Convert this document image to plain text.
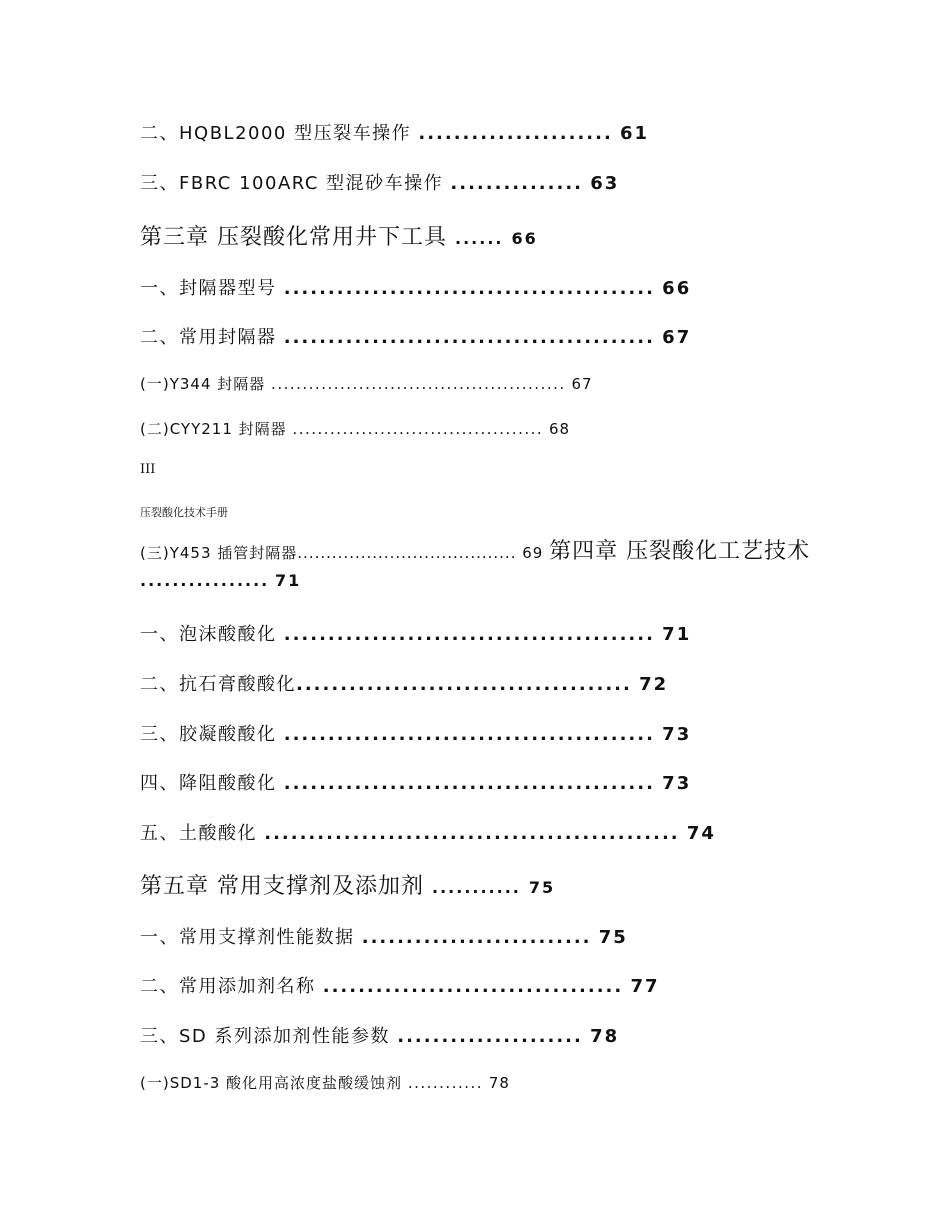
二、HQBL2000 型压裂车操作 ...................... 61
三、FBRC 100ARC 型混砂车操作 ............... 63
第三章 压裂酸化常用井下工具 ...... 66
一、封隔器型号 .......................................... 66
二、常用封隔器 .......................................... 67
(一)Y344 封隔器 ............................................... 67
(二)CYY211 封隔器 ........................................ 68
III
压裂酸化技术手册
(三)Y453 插管封隔器...................................... 69 第四章 压裂酸化工艺技术 ................ 71
一、泡沫酸酸化 .......................................... 71
二、抗石膏酸酸化...................................... 72
三、胶凝酸酸化 .......................................... 73
四、降阻酸酸化 .......................................... 73
五、土酸酸化 ............................................... 74
第五章 常用支撑剂及添加剂 ........... 75
一、常用支撑剂性能数据 .......................... 75
二、常用添加剂名称 .................................. 77
三、SD 系列添加剂性能参数 ..................... 78
(一)SD1-3 酸化用高浓度盐酸缓蚀剂 ............ 78
